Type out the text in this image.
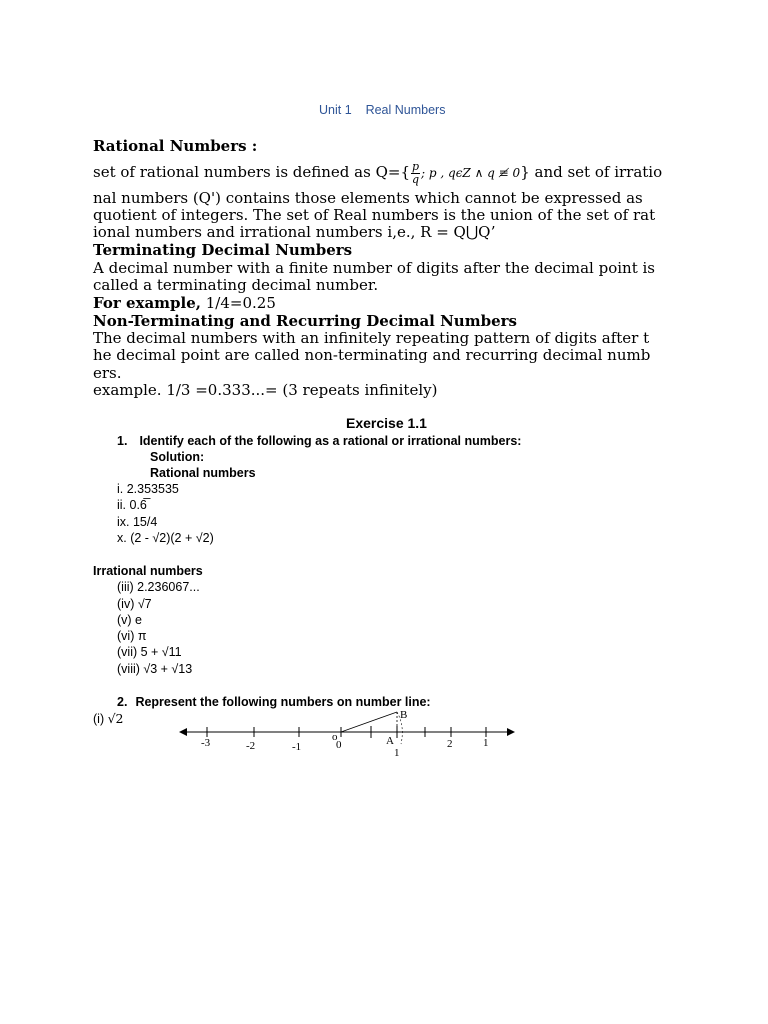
Unit 1 Real Numbers
Rational Numbers :
set of rational numbers is defined as $Q=\{ \frac{p}{q}$ ; p , qϵZ ∧ q ≢ 0} and set of irratio
nal numbers (Q') contains those elements which cannot be expressed as
quotient of integers. The set of Real numbers is the union of the set of rat
ional numbers and irrational numbers i,e., R = Q⋃Q’
Terminating Decimal Numbers
A decimal number with a finite number of digits after the decimal point is
called a terminating decimal number.
For example, 1/4=0.25
Non-Terminating and Recurring Decimal Numbers
The decimal numbers with an infinitely repeating pattern of digits after t
he decimal point are called non-terminating and recurring decimal numb
ers.
example. 1/3 =0.333...= (3 repeats infinitely)
Exercise 1.1
1. Identify each of the following as a rational or irrational numbers:
Solution:
Rational numbers
i. 2.353535
ii. 0.6̅
ix. 15/4
x. (2 - √2)(2 + √2)
Irrational numbers
(iii) 2.236067...
(iv) √7
(v) e
(vi) π
(vii) 5 + √11
(viii) √3 + √13
2. Represent the following numbers on number line:
(i) √2
-3	-2	-1	0	2	1
o	A
B
1
